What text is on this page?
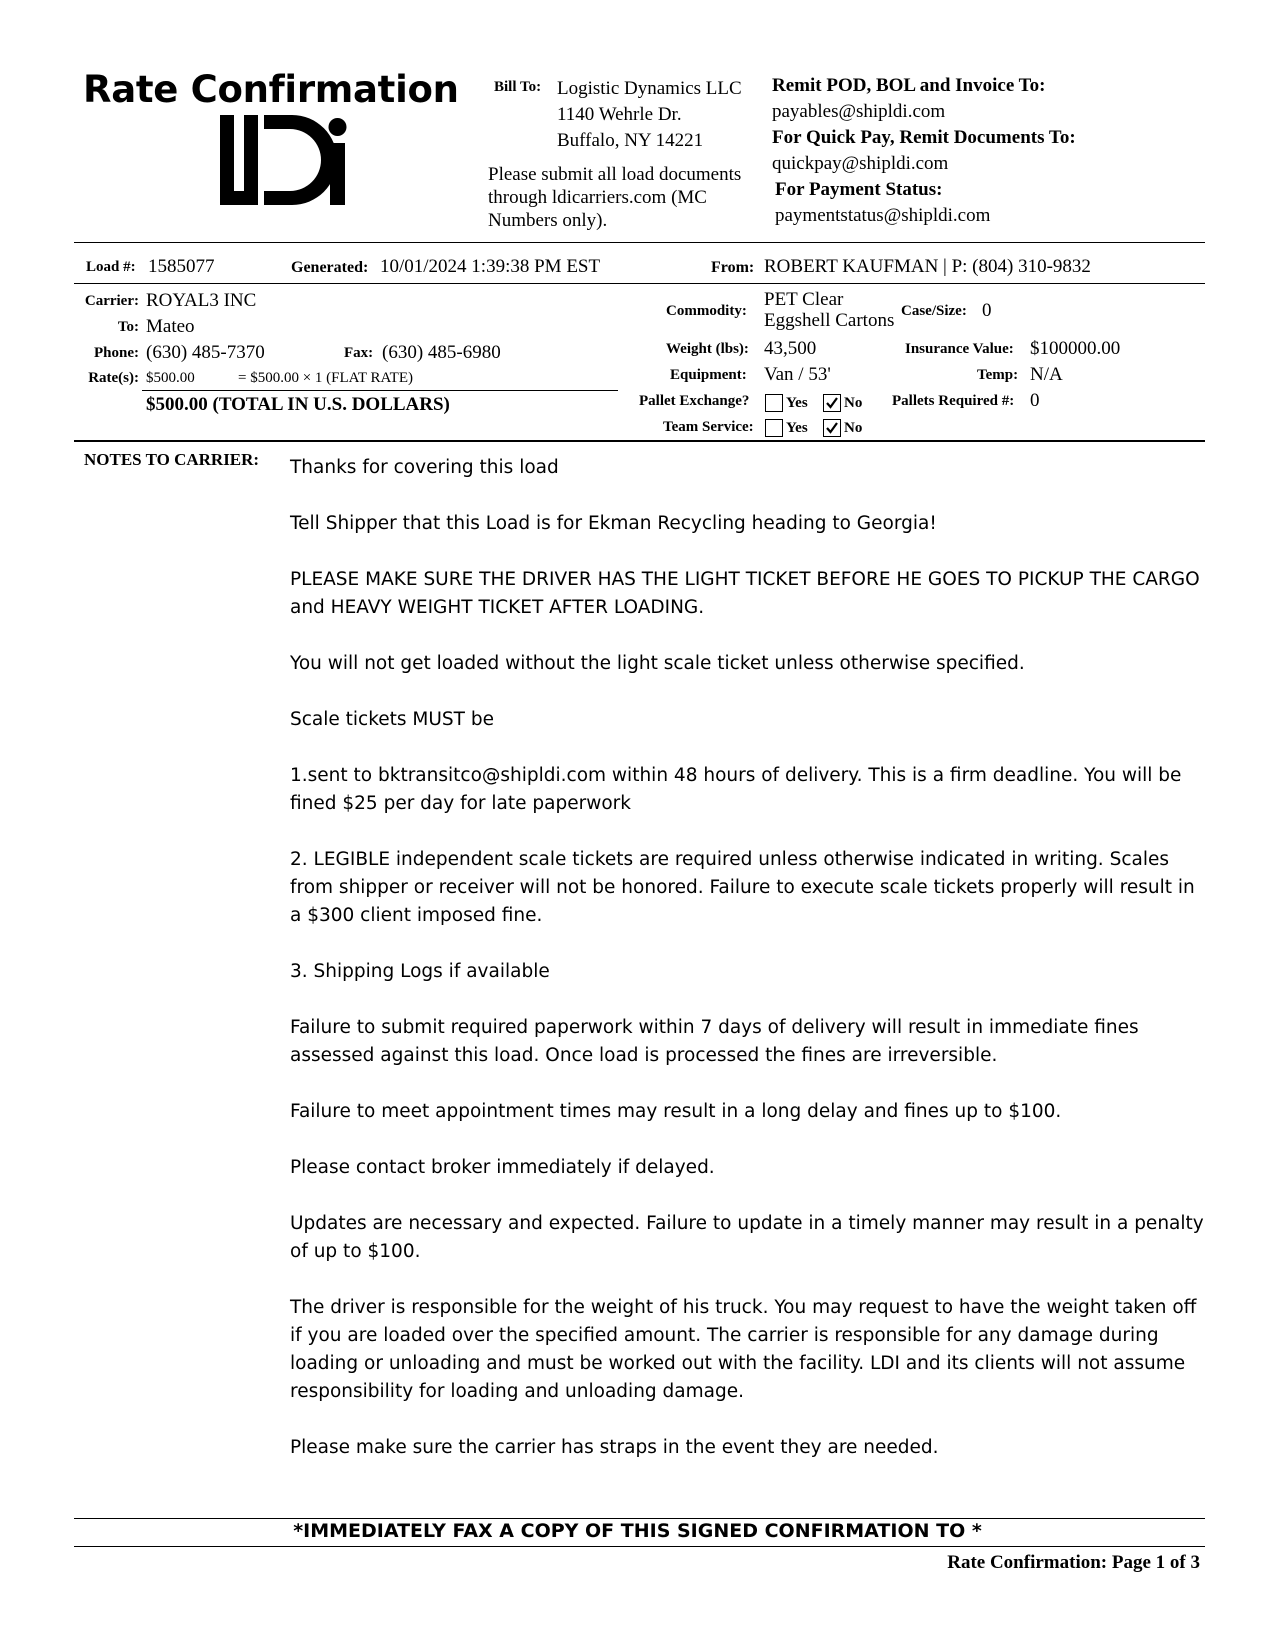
Rate Confirmation Bill To: Logistic Dynamics LLC
1140 Wehrle Dr.
Buffalo, NY 14221
Please submit all load documents
through ldicarriers.com (MC
Numbers only).
Remit POD, BOL and Invoice To:
payables@shipldi.com
For Quick Pay, Remit Documents To:
quickpay@shipldi.com
For Payment Status:
paymentstatus@shipldi.com
Load #: 1585077	Generated: 10/01/2024 1:39:38 PM EST	From: ROBERT KAUFMAN | P: (804) 310-9832
Carrier: ROYAL3 INC
To: Mateo
Phone: (630) 485-7370	Fax: (630) 485-6980
Rate(s): $500.00	= $500.00 × 1 (FLAT RATE)
$500.00 (TOTAL IN U.S. DOLLARS)
Commodity:
PET Clear
Eggshell Cartons Case/Size: 0
Weight (lbs): 43,500	Insurance Value: $100000.00
Equipment: Van / 53'	Temp: N/A
Pallet Exchange? Yes No Pallets Required #: 0
Team Service: Yes No
NOTES TO CARRIER: Thanks for covering this load

Tell Shipper that this Load is for Ekman Recycling heading to Georgia!

PLEASE MAKE SURE THE DRIVER HAS THE LIGHT TICKET BEFORE HE GOES TO PICKUP THE CARGO and HEAVY WEIGHT TICKET AFTER LOADING.

You will not get loaded without the light scale ticket unless otherwise specified.

Scale tickets MUST be

1.sent to bktransitco@shipldi.com within 48 hours of delivery. This is a firm deadline. You will be fined $25 per day for late paperwork

2. LEGIBLE independent scale tickets are required unless otherwise indicated in writing. Scales from shipper or receiver will not be honored. Failure to execute scale tickets properly will result in a $300 client imposed fine.

3. Shipping Logs if available

Failure to submit required paperwork within 7 days of delivery will result in immediate fines assessed against this load. Once load is processed the fines are irreversible.

Failure to meet appointment times may result in a long delay and fines up to $100.

Please contact broker immediately if delayed.

Updates are necessary and expected. Failure to update in a timely manner may result in a penalty of up to $100.

The driver is responsible for the weight of his truck. You may request to have the weight taken off if you are loaded over the specified amount. The carrier is responsible for any damage during loading or unloading and must be worked out with the facility. LDI and its clients will not assume responsibility for loading and unloading damage.

Please make sure the carrier has straps in the event they are needed.

*IMMEDIATELY FAX A COPY OF THIS SIGNED CONFIRMATION TO *
Rate Confirmation: Page 1 of 3
